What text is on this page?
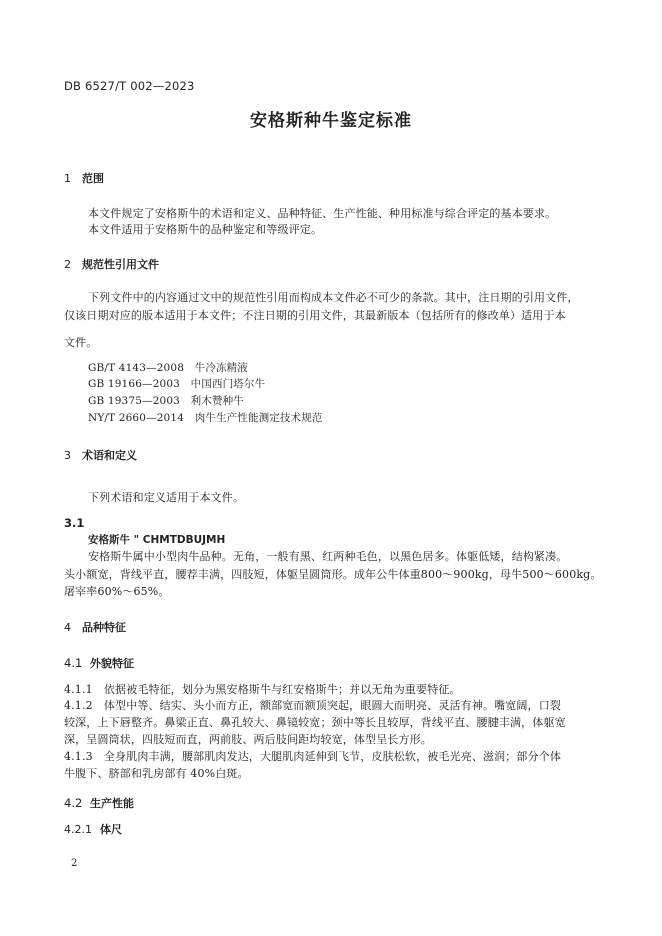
DB 6527/T 002—2023
安格斯种牛鉴定标准
1 范围
本文件规定了安格斯牛的术语和定义、品种特征、生产性能、种用标准与综合评定的基本要求。
本文件适用于安格斯牛的品种鉴定和等级评定。
2 规范性引用文件
下列文件中的内容通过文中的规范性引用而构成本文件必不可少的条款。其中，注日期的引用文件，
仅该日期对应的版本适用于本文件；不注日期的引用文件，其最新版本（包括所有的修改单）适用于本
文件。
GB/T 4143—2008　牛冷冻精液
GB 19166—2003　中国西门塔尔牛
GB 19375—2003　利木赞种牛
NY/T 2660—2014　肉牛生产性能测定技术规范
3 术语和定义
下列术语和定义适用于本文件。
3.1
安格斯牛 " CHMTDBUJMH
安格斯牛属中小型肉牛品种。无角，一般有黑、红两种毛色，以黑色居多。体躯低矮，结构紧凑。
头小额宽，背线平直，腰荐丰满，四肢短，体躯呈圆筒形。成年公牛体重800～900kg，母牛500～600kg。
屠宰率60%～65%。
4 品种特征
4.1 外貌特征
4.1.1　依据被毛特征，划分为黑安格斯牛与红安格斯牛；并以无角为重要特征。
4.1.2　体型中等、结实、头小而方正，额部宽而额顶突起，眼圆大而明亮、灵活有神。嘴宽阔，口裂
较深，上下唇整齐。鼻梁正直、鼻孔较大、鼻镜较宽；颈中等长且较厚，背线平直、腰腱丰满，体躯宽
深，呈圆筒状，四肢短而直，两前肢、两后肢间距均较宽，体型呈长方形。
4.1.3　全身肌肉丰满，腰部肌肉发达，大腿肌肉延伸到飞节，皮肤松软，被毛光亮、滋润；部分个体
牛腹下、脐部和乳房部有 40%白斑。
4.2 生产性能
4.2.1 体尺
2
